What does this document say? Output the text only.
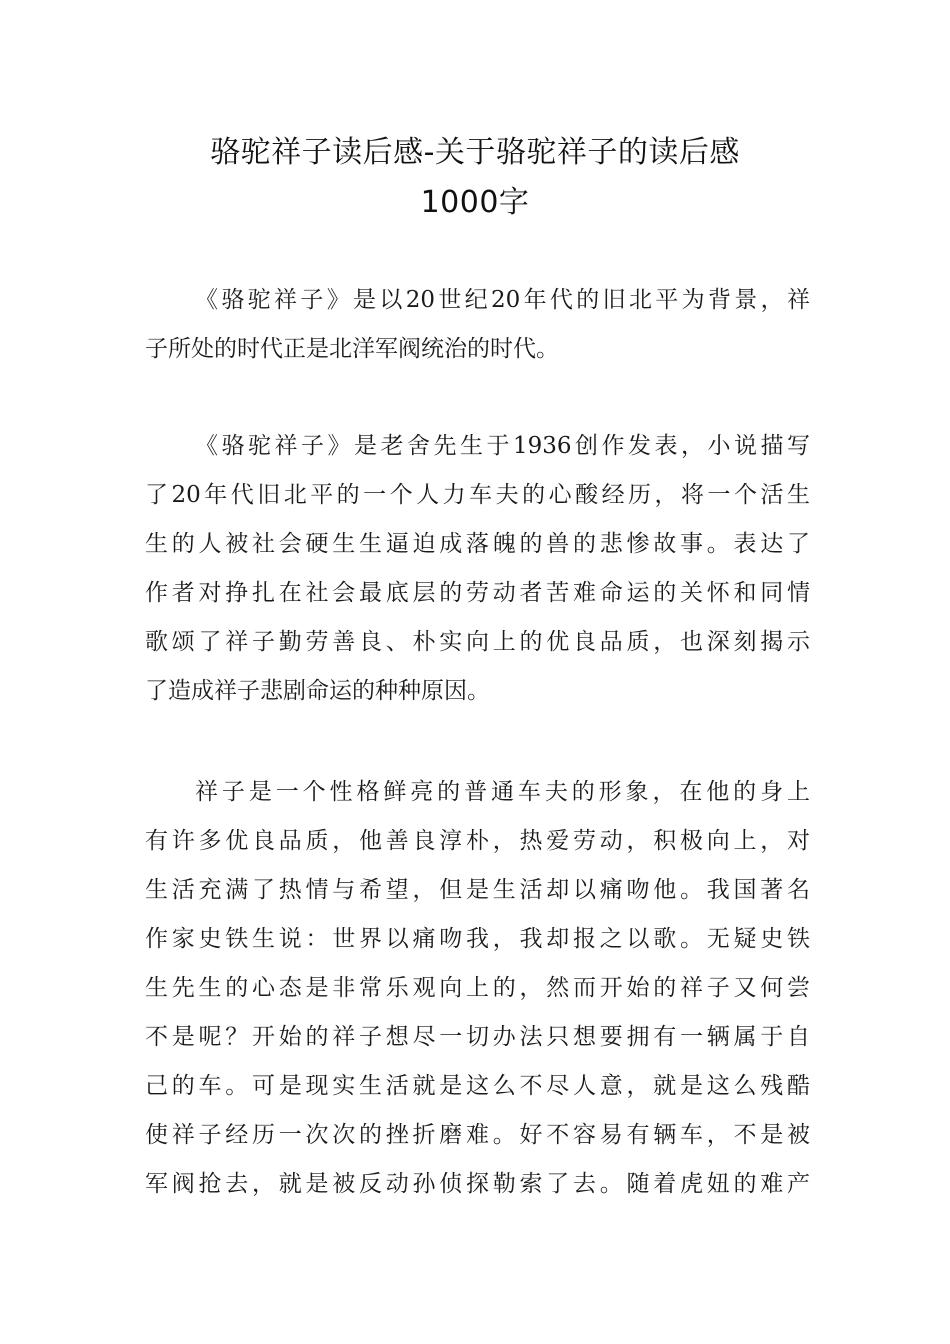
骆驼祥子读后感-关于骆驼祥子的读后感
1000字
《骆驼祥子》是以20世纪20年代的旧北平为背景，祥
子所处的时代正是北洋军阀统治的时代。
《骆驼祥子》是老舍先生于1936创作发表，小说描写
了20年代旧北平的一个人力车夫的心酸经历，将一个活生
生的人被社会硬生生逼迫成落魄的兽的悲惨故事。表达了
作者对挣扎在社会最底层的劳动者苦难命运的关怀和同情
歌颂了祥子勤劳善良、朴实向上的优良品质，也深刻揭示
了造成祥子悲剧命运的种种原因。
祥子是一个性格鲜亮的普通车夫的形象，在他的身上
有许多优良品质，他善良淳朴，热爱劳动，积极向上，对
生活充满了热情与希望，但是生活却以痛吻他。我国著名
作家史铁生说：世界以痛吻我，我却报之以歌。无疑史铁
生先生的心态是非常乐观向上的，然而开始的祥子又何尝
不是呢？开始的祥子想尽一切办法只想要拥有一辆属于自
己的车。可是现实生活就是这么不尽人意，就是这么残酷
使祥子经历一次次的挫折磨难。好不容易有辆车，不是被
军阀抢去，就是被反动孙侦探勒索了去。随着虎妞的难产
